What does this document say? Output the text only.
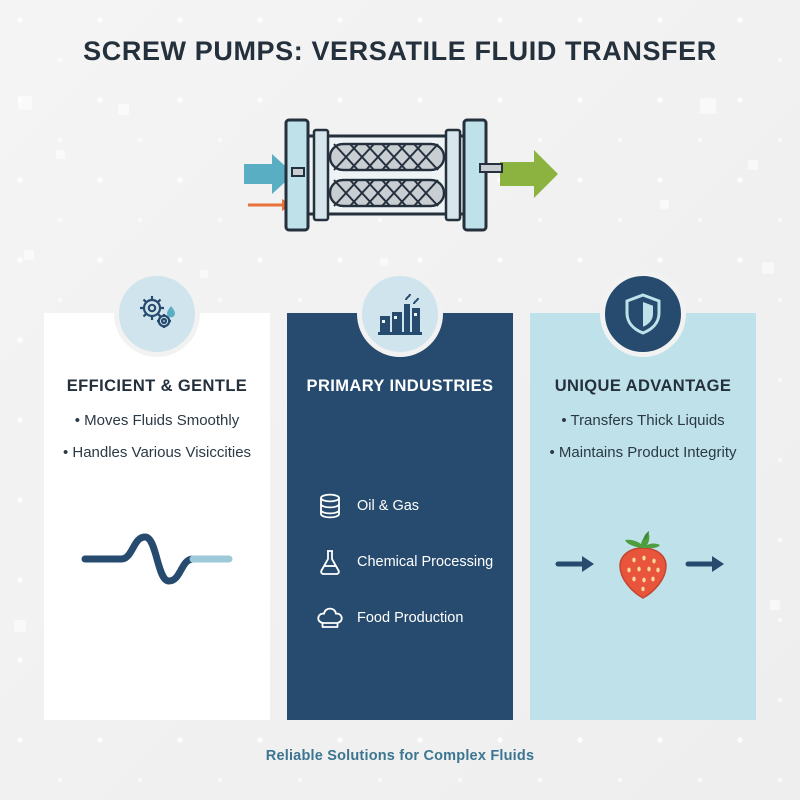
SCREW PUMPS: VERSATILE FLUID TRANSFER
EFFICIENT & GENTLE
• Moves Fluids Smoothly
• Handles Various Visiccities
PRIMARY INDUSTRIES
Oil & Gas
Chemical Processing
Food Production
UNIQUE ADVANTAGE
• Transfers Thick Liquids
• Maintains Product Integrity
Reliable Solutions for Complex Fluids
